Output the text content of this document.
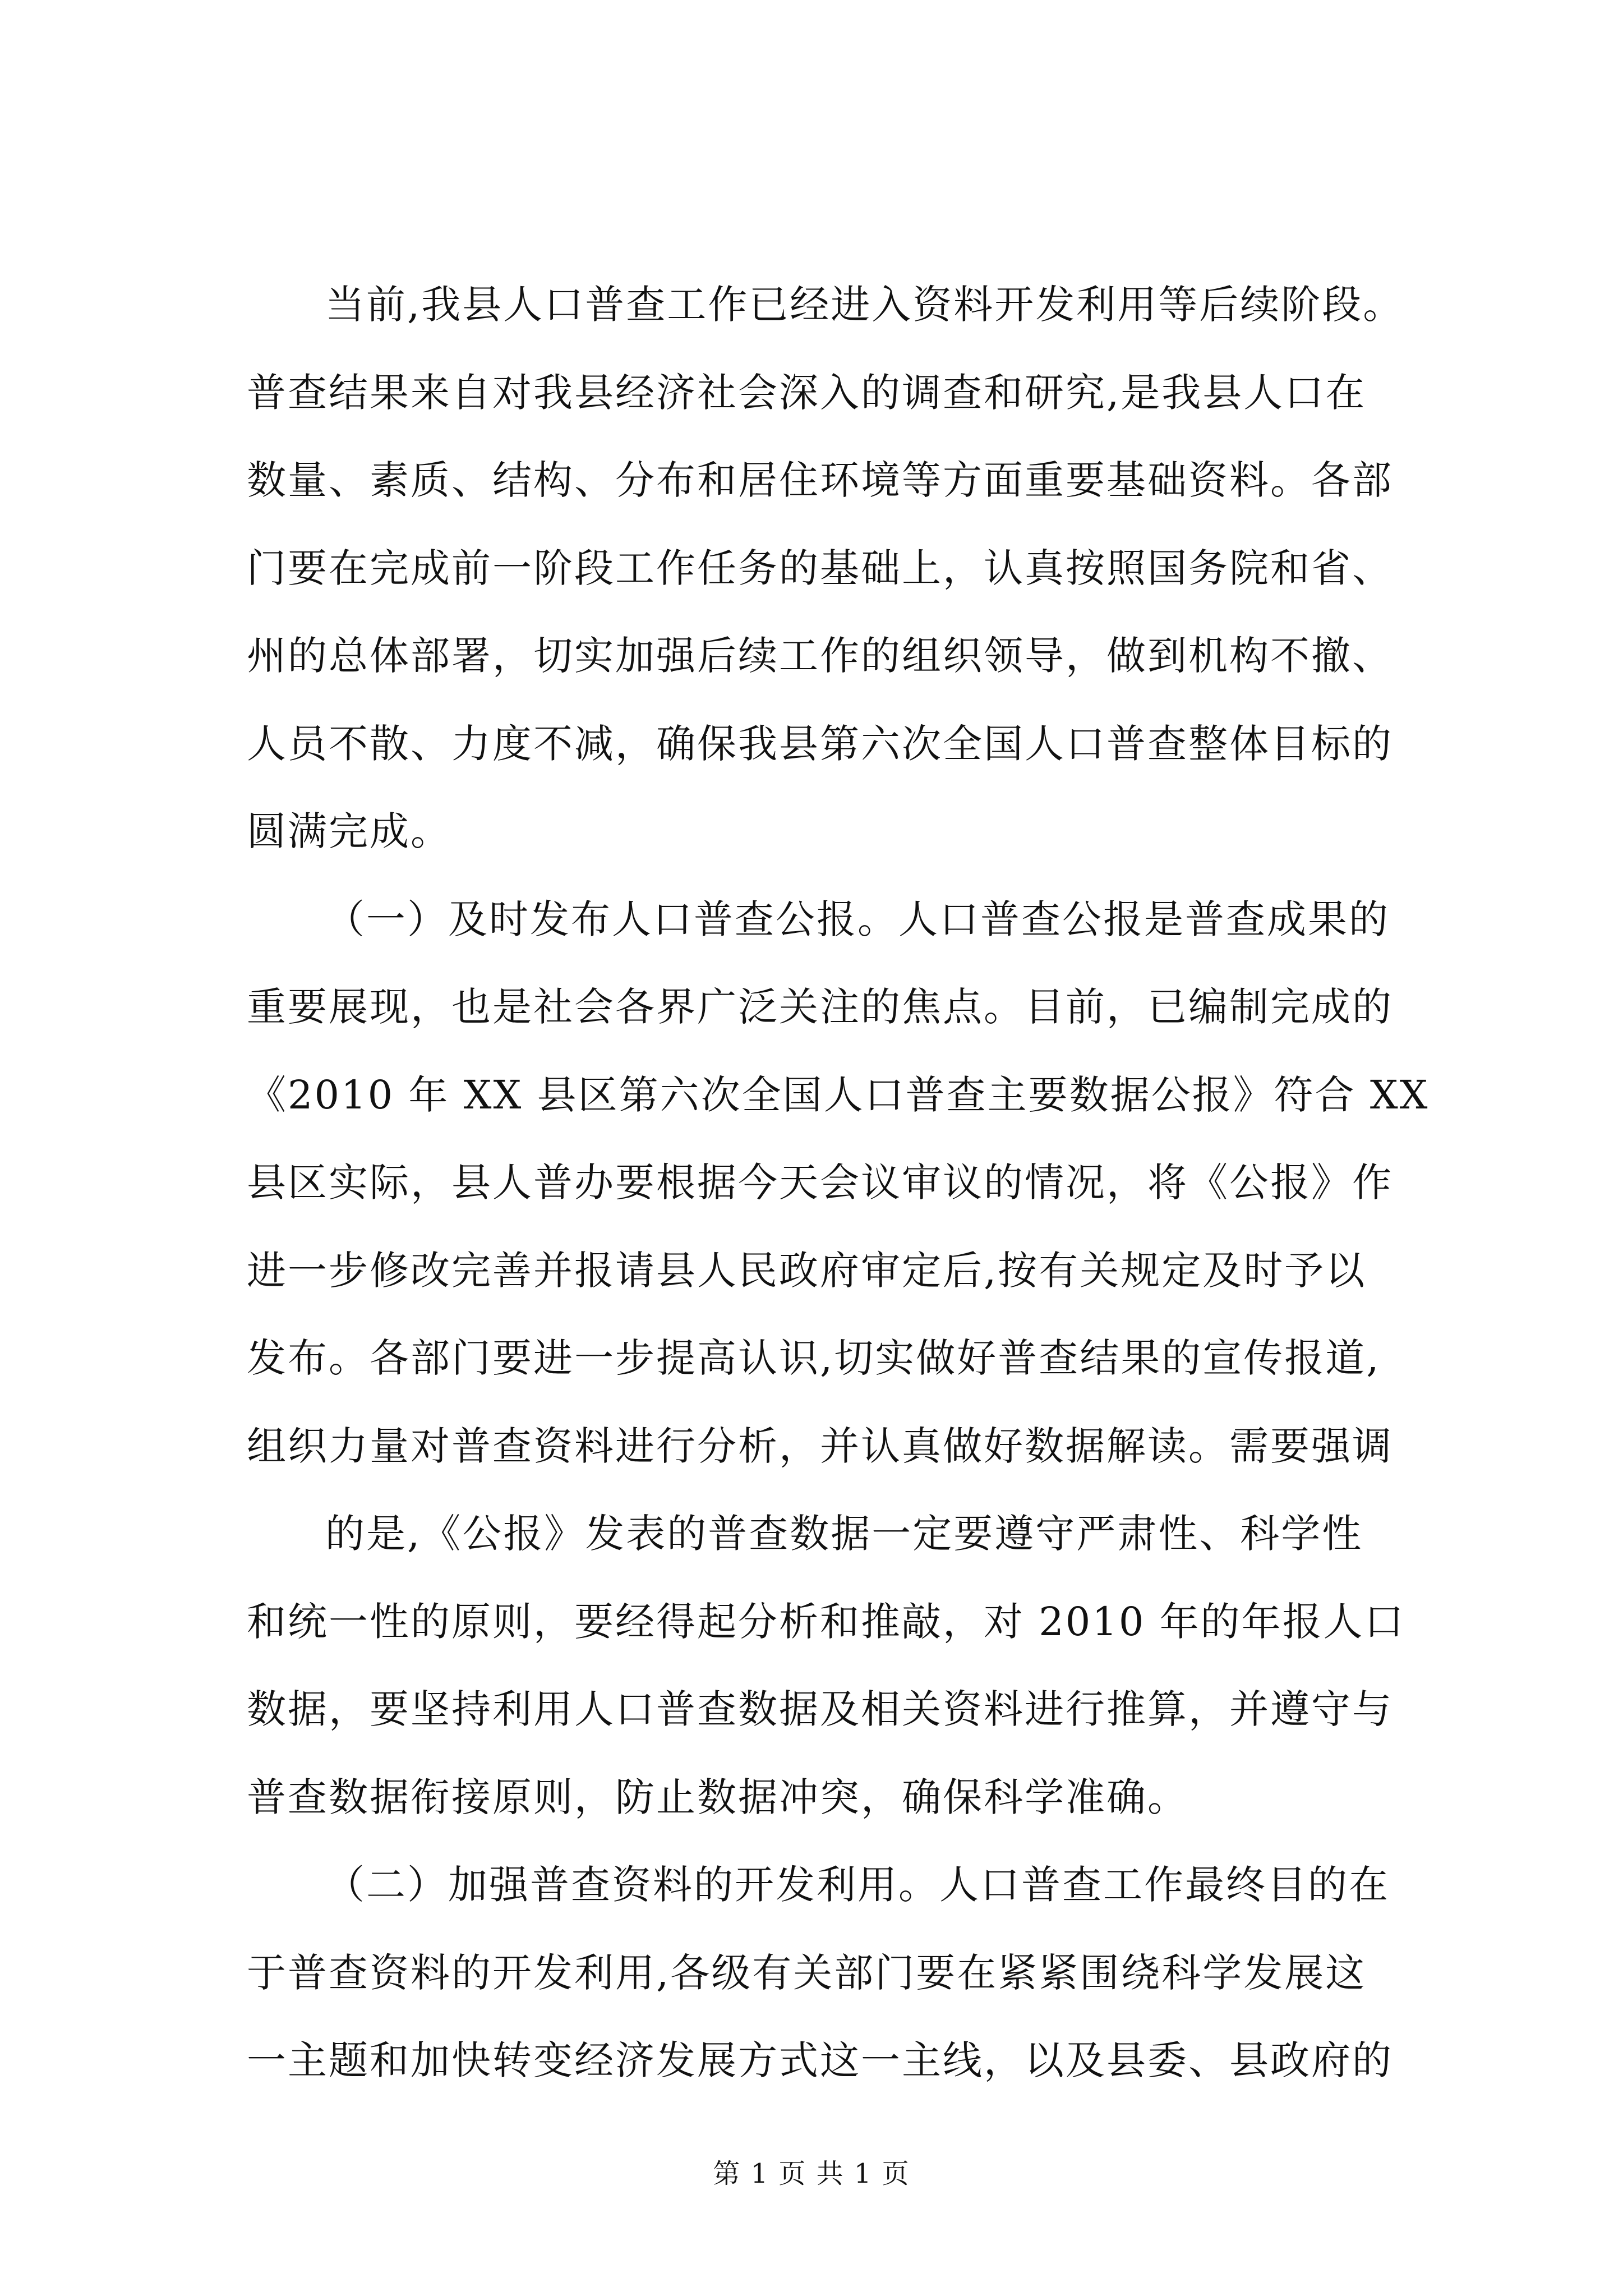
当前,我县人口普查工作已经进入资料开发利用等后续阶段。
普查结果来自对我县经济社会深入的调查和研究,是我县人口在
数量、素质、结构、分布和居住环境等方面重要基础资料。各部
门要在完成前一阶段工作任务的基础上，认真按照国务院和省、
州的总体部署，切实加强后续工作的组织领导，做到机构不撤、
人员不散、力度不减，确保我县第六次全国人口普查整体目标的
圆满完成。
（一）及时发布人口普查公报。人口普查公报是普查成果的
重要展现，也是社会各界广泛关注的焦点。目前，已编制完成的
《2010 年 XX 县区第六次全国人口普查主要数据公报》符合 XX
县区实际，县人普办要根据今天会议审议的情况，将《公报》作
进一步修改完善并报请县人民政府审定后,按有关规定及时予以
发布。各部门要进一步提高认识,切实做好普查结果的宣传报道,
组织力量对普查资料进行分析，并认真做好数据解读。需要强调
的是,《公报》发表的普查数据一定要遵守严肃性、科学性
和统一性的原则，要经得起分析和推敲，对 2010 年的年报人口
数据，要坚持利用人口普查数据及相关资料进行推算，并遵守与
普查数据衔接原则，防止数据冲突，确保科学准确。
（二）加强普查资料的开发利用。人口普查工作最终目的在
于普查资料的开发利用,各级有关部门要在紧紧围绕科学发展这
一主题和加快转变经济发展方式这一主线，以及县委、县政府的
第 1 页 共 1 页
